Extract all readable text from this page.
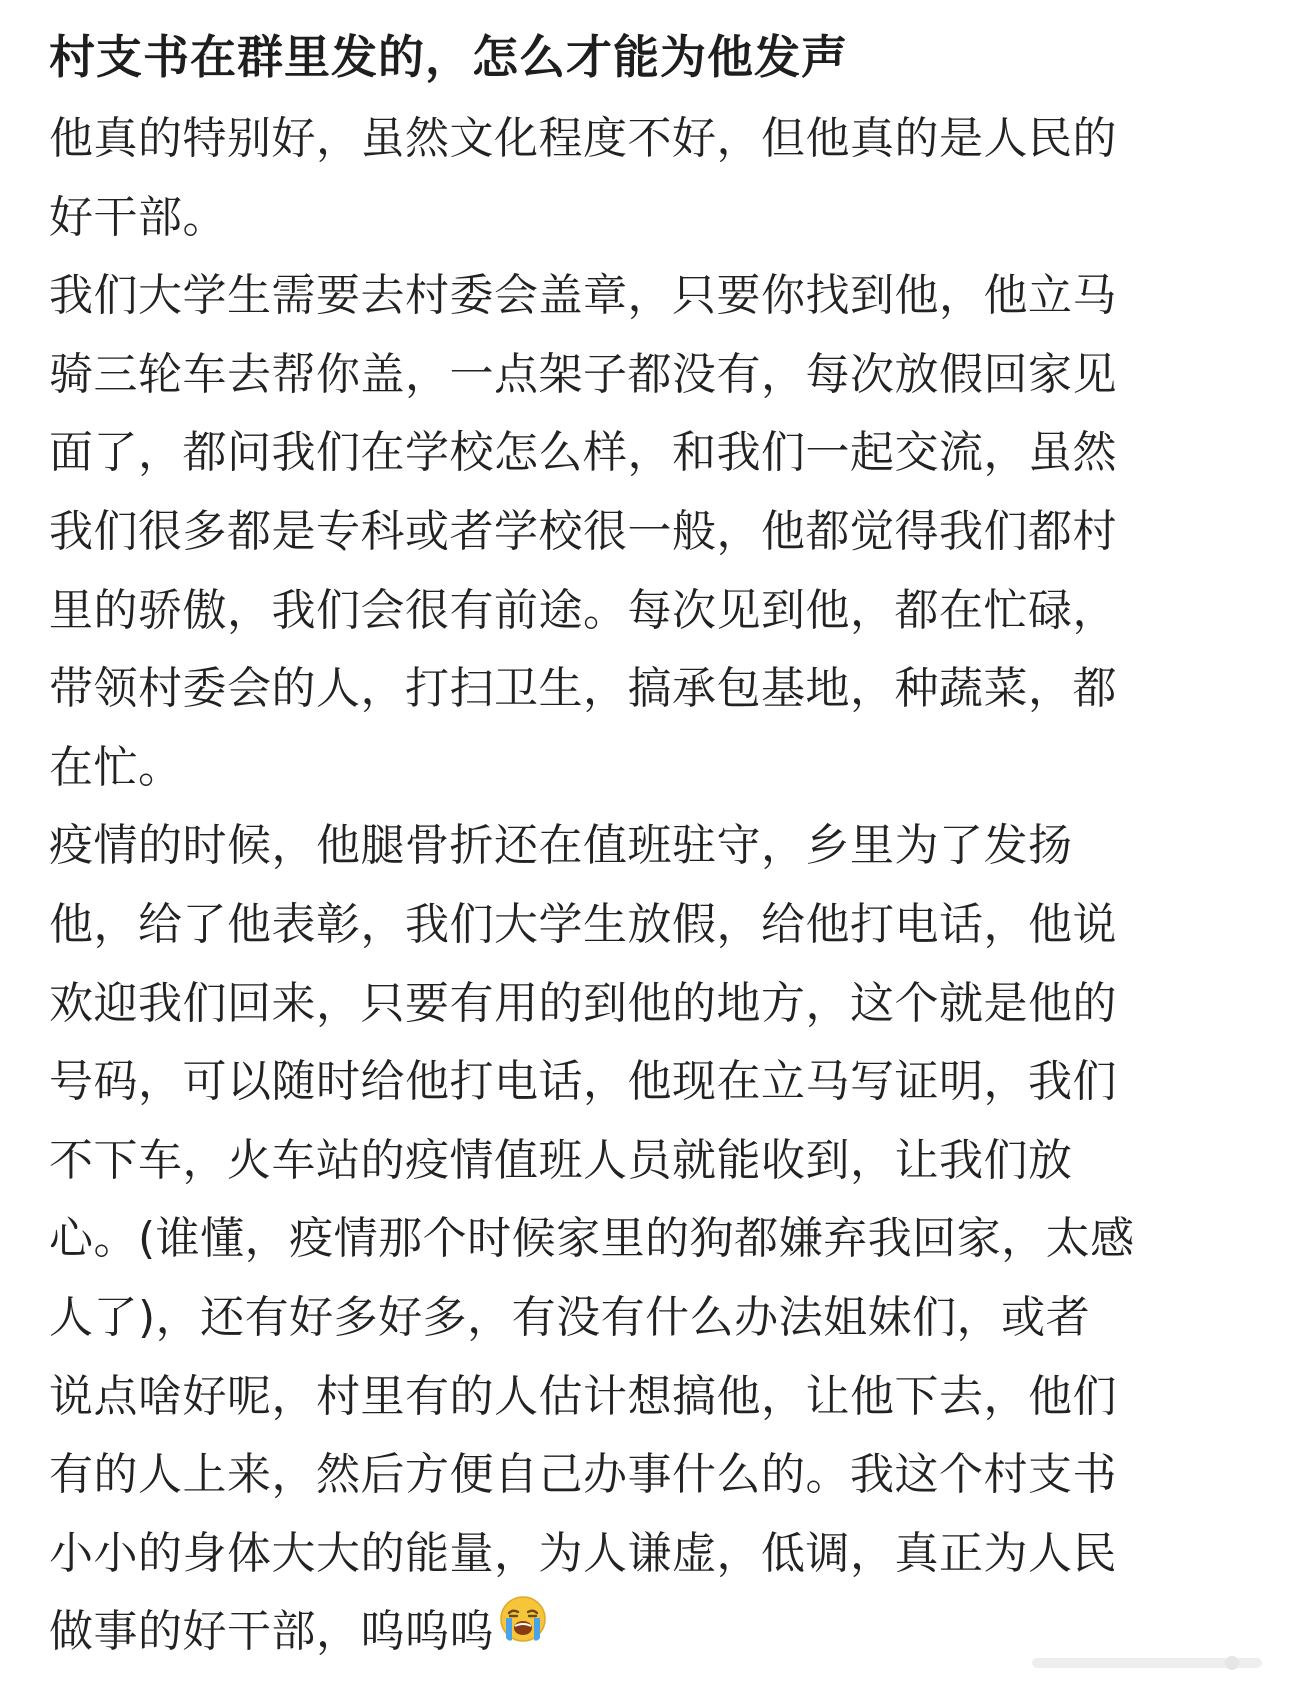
村支书在群里发的，怎么才能为他发声
他真的特别好，虽然文化程度不好，但他真的是人民的
好干部。
我们大学生需要去村委会盖章，只要你找到他，他立马
骑三轮车去帮你盖，一点架子都没有，每次放假回家见
面了，都问我们在学校怎么样，和我们一起交流，虽然
我们很多都是专科或者学校很一般，他都觉得我们都村
里的骄傲，我们会很有前途。每次见到他，都在忙碌，
带领村委会的人，打扫卫生，搞承包基地，种蔬菜，都
在忙。
疫情的时候，他腿骨折还在值班驻守，乡里为了发扬
他，给了他表彰，我们大学生放假，给他打电话，他说
欢迎我们回来，只要有用的到他的地方，这个就是他的
号码，可以随时给他打电话，他现在立马写证明，我们
不下车，火车站的疫情值班人员就能收到，让我们放
心。(谁懂，疫情那个时候家里的狗都嫌弃我回家，太感
人了)，还有好多好多，有没有什么办法姐妹们，或者
说点啥好呢，村里有的人估计想搞他，让他下去，他们
有的人上来，然后方便自己办事什么的。我这个村支书
小小的身体大大的能量，为人谦虚，低调，真正为人民
做事的好干部，呜呜呜
